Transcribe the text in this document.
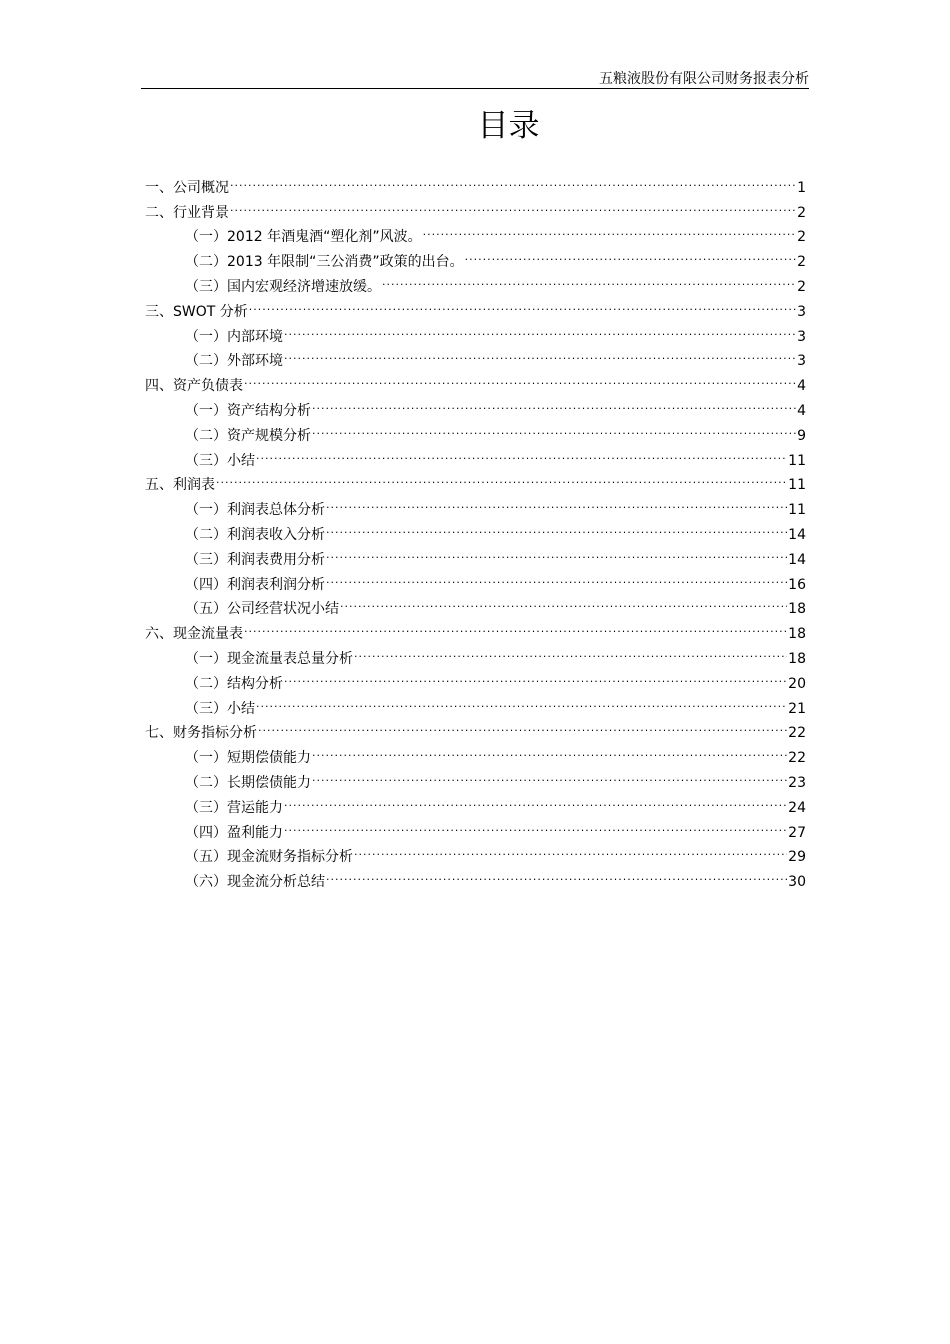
五粮液股份有限公司财务报表分析
目录
一、公司概况 .....	1
二、行业背景 .....	2
（一）2012 年酒鬼酒“塑化剂”风波。 .....	2
（二）2013 年限制“三公消费”政策的出台。 .....	2
（三）国内宏观经济增速放缓。 .....	2
三、SWOT 分析 .....	3
（一）内部环境 .....	3
（二）外部环境 .....	3
四、资产负债表 .....	4
（一）资产结构分析 .....	4
（二）资产规模分析 .....	9
（三）小结 .....	11
五、利润表 .....	11
（一）利润表总体分析 .....	11
（二）利润表收入分析 .....	14
（三）利润表费用分析 .....	14
（四）利润表利润分析 .....	16
（五）公司经营状况小结 .....	18
六、现金流量表 .....	18
（一）现金流量表总量分析 .....	18
（二）结构分析 .....	20
（三）小结 .....	21
七、财务指标分析 .....	22
（一）短期偿债能力 .....	22
（二）长期偿债能力 .....	23
（三）营运能力 .....	24
（四）盈利能力 .....	27
（五）现金流财务指标分析 .....	29
（六）现金流分析总结 .....	30
